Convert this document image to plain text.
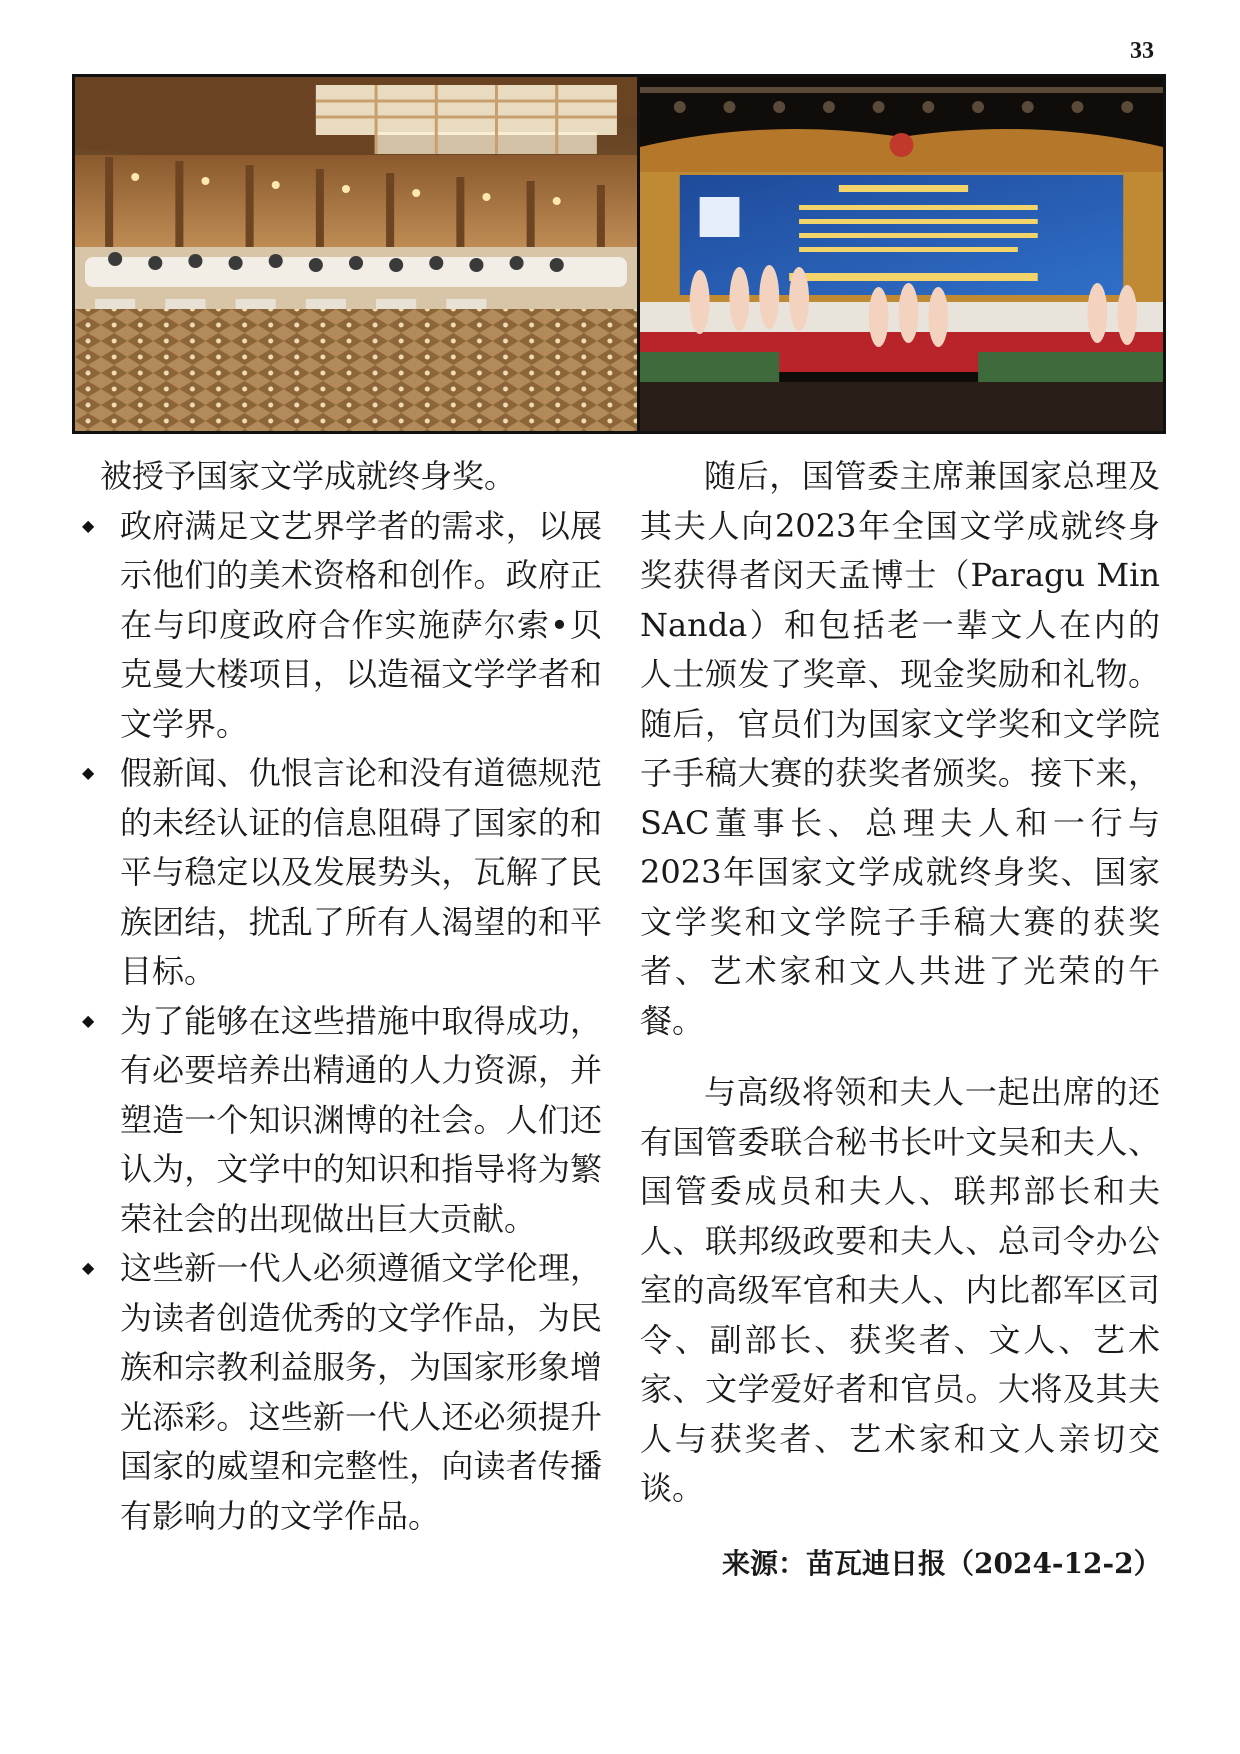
33

被授予国家文学成就终身奖。

◆
政府满足文艺界学者的需求，以展示他们的美术资格和创作。政府正在与印度政府合作实施萨尔索•贝克曼大楼项目，以造福文学学者和文学界。

◆
假新闻、仇恨言论和没有道德规范的未经认证的信息阻碍了国家的和平与稳定以及发展势头，瓦解了民族团结，扰乱了所有人渴望的和平目标。

◆
为了能够在这些措施中取得成功，有必要培养出精通的人力资源，并塑造一个知识渊博的社会。人们还认为，文学中的知识和指导将为繁荣社会的出现做出巨大贡献。

◆
这些新一代人必须遵循文学伦理，为读者创造优秀的文学作品，为民族和宗教利益服务，为国家形象增光添彩。这些新一代人还必须提升国家的威望和完整性，向读者传播有影响力的文学作品。

随后，国管委主席兼国家总理及其夫人向2023年全国文学成就终身奖获得者闵天孟博士（Paragu Min Nanda）和包括老一辈文人在内的人士颁发了奖章、现金奖励和礼物。随后，官员们为国家文学奖和文学院子手稿大赛的获奖者颁奖。接下来，SAC董事长、总理夫人和一行与2023年国家文学成就终身奖、国家文学奖和文学院子手稿大赛的获奖者、艺术家和文人共进了光荣的午餐。

与高级将领和夫人一起出席的还有国管委联合秘书长叶文吴和夫人、国管委成员和夫人、联邦部长和夫人、联邦级政要和夫人、总司令办公室的高级军官和夫人、内比都军区司令、副部长、获奖者、文人、艺术家、文学爱好者和官员。大将及其夫人与获奖者、艺术家和文人亲切交谈。

来源：苗瓦迪日报（2024-12-2）
